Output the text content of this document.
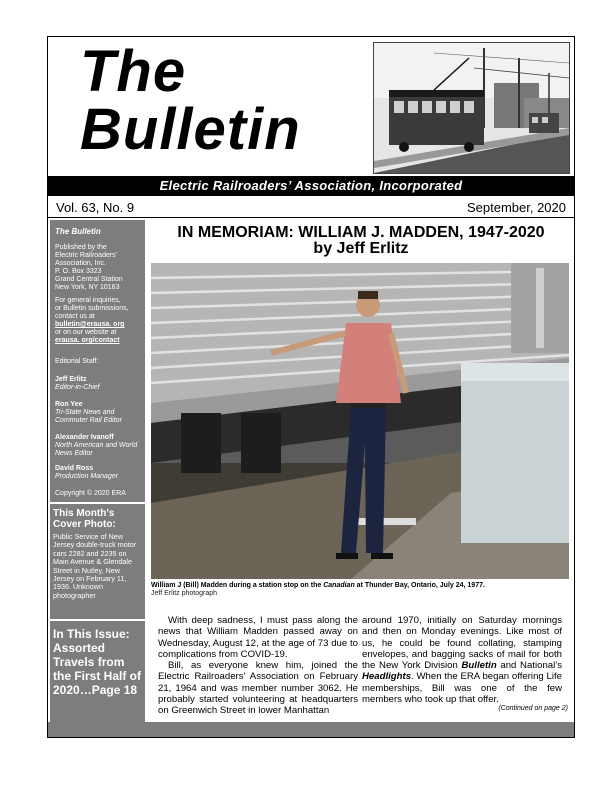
The
Bulletin
Electric Railroaders’ Association, Incorporated
Vol. 63, No. 9	September, 2020
The Bulletin
Published by the
Electric Railroaders'
Association, Inc.
P. O. Box 3323
Grand Central Station
New York, NY 10163
For general inquiries,
or Bulletin submissions,
contact us at
bulletin@erausa. org
or on our website at
erausa. org/contact
Editorial Staff:
Jeff Erlitz
Editor-in-Chief
Ron Yee
Tri-State News and Commuter Rail Editor
Alexander Ivanoff
North American and World News Editor
David Ross
Production Manager
Copyright © 2020 ERA
This Month's Cover Photo:
Public Service of New Jersey double-truck motor cars 2282 and 2235 on Main Avenue & Glendale Street in Nutley, New Jersey on February 11, 1936. Unknown photographer
In This Issue: Assorted Travels from the First Half of 2020…Page 18
IN MEMORIAM: WILLIAM J. MADDEN, 1947-2020
by Jeff Erlitz
William J (Bill) Madden during a station stop on the Canadian at Thunder Bay, Ontario, July 24, 1977.
Jeff Erlitz photograph

With deep sadness, I must pass along the news that William Madden passed away on Wednesday, August 12, at the age of 73 due to complications from COVID-19.

Bill, as everyone knew him, joined the Electric Railroaders’ Association on February 21, 1964 and was member number 3062. He probably started volunteering at headquarters on Greenwich Street in lower Manhattan

around 1970, initially on Saturday mornings and then on Monday evenings. Like most of us, he could be found collating, stamping envelopes, and bagging sacks of mail for both the New York Division Bulletin and National’s Headlights. When the ERA began offering Life memberships, Bill was one of the few members who took up that offer.

(Continued on page 2)
